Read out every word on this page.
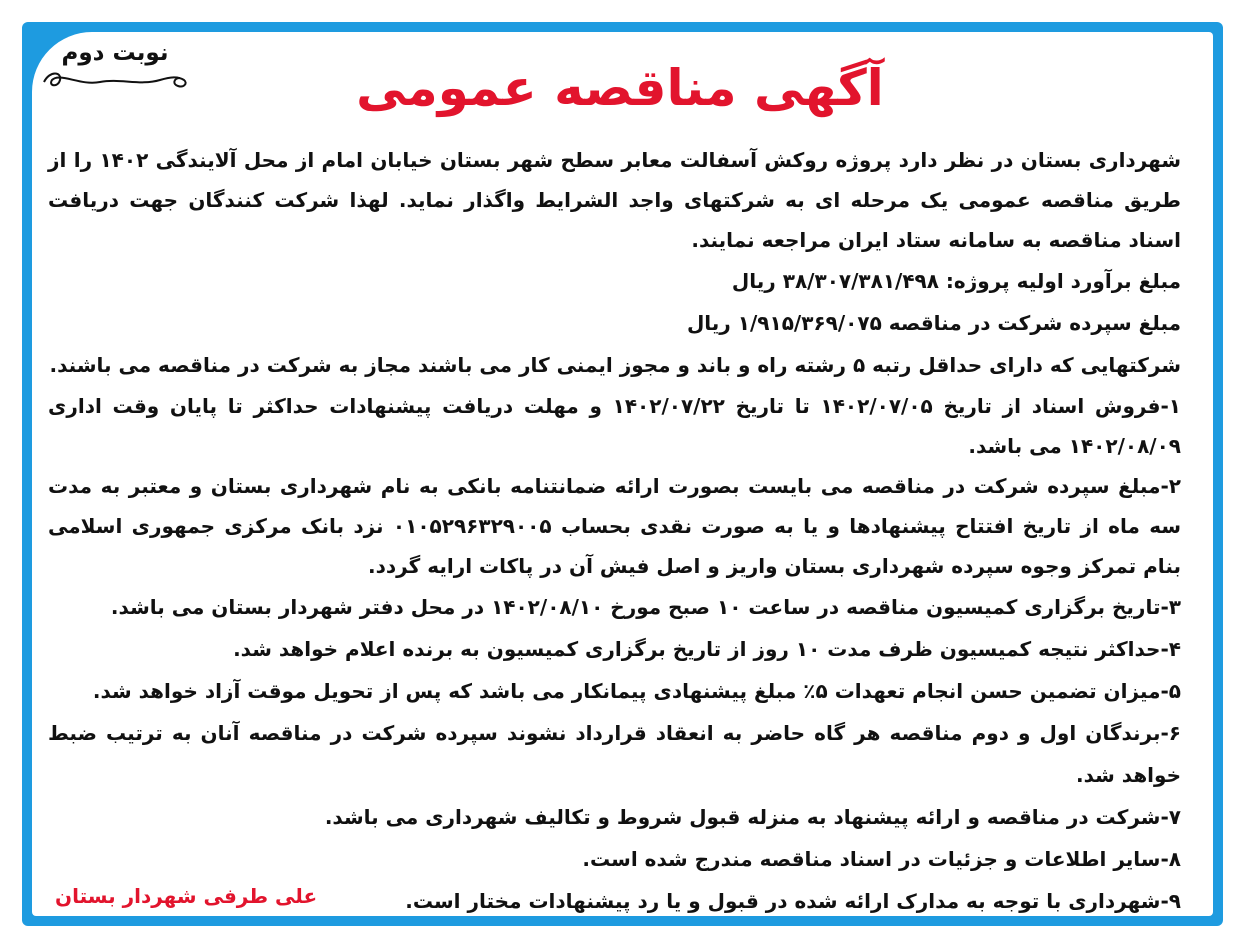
نوبت دوم
آگهی مناقصه عمومی

شهرداری بستان در نظر دارد پروژه روکش آسفالت معابر سطح شهر بستان خیابان امام از محل آلایندگی ۱۴۰۲ را از طریق مناقصه عمومی یک مرحله ای به شرکتهای واجد الشرایط واگذار نماید. لهذا شرکت کنندگان جهت دریافت اسناد مناقصه به سامانه ستاد ایران مراجعه نمایند.

مبلغ برآورد اولیه پروژه: ۳۸/۳۰۷/۳۸۱/۴۹۸ ریال
مبلغ سپرده شرکت در مناقصه ۱/۹۱۵/۳۶۹/۰۷۵ ریال
شرکتهایی که دارای حداقل رتبه ۵ رشته راه و باند و مجوز ایمنی کار می باشند مجاز به شرکت در مناقصه می باشند.

۱-فروش اسناد از تاریخ ۱۴۰۲/۰۷/۰۵ تا تاریخ ۱۴۰۲/۰۷/۲۲ و مهلت دریافت پیشنهادات حداکثر تا پایان وقت اداری ۱۴۰۲/۰۸/۰۹ می باشد.

۲-مبلغ سپرده شرکت در مناقصه می بایست بصورت ارائه ضمانتنامه بانکی به نام شهرداری بستان و معتبر به مدت سه ماه از تاریخ افتتاح پیشنهادها و یا به صورت نقدی بحساب ۰۱۰۵۲۹۶۳۲۹۰۰۵ نزد بانک مرکزی جمهوری اسلامی بنام تمرکز وجوه سپرده شهرداری بستان واریز و اصل فیش آن در پاکات ارایه گردد.

۳-تاریخ برگزاری کمیسیون مناقصه در ساعت ۱۰ صبح مورخ ۱۴۰۲/۰۸/۱۰ در محل دفتر شهردار بستان می باشد.
۴-حداکثر نتیجه کمیسیون ظرف مدت ۱۰ روز از تاریخ برگزاری کمیسیون به برنده اعلام خواهد شد.
۵-میزان تضمین حسن انجام تعهدات ۵٪ مبلغ پیشنهادی پیمانکار می باشد که پس از تحویل موقت آزاد خواهد شد.
۶-برندگان اول و دوم مناقصه هر گاه حاضر به انعقاد قرارداد نشوند سپرده شرکت در مناقصه آنان به ترتیب ضبط خواهد شد.
۷-شرکت در مناقصه و ارائه پیشنهاد به منزله قبول شروط و تکالیف شهرداری می باشد.
۸-سایر اطلاعات و جزئیات در اسناد مناقصه مندرج شده است.
۹-شهرداری با توجه به مدارک ارائه شده در قبول و یا رد پیشنهادات مختار است.
علی طرفی شهردار بستان
